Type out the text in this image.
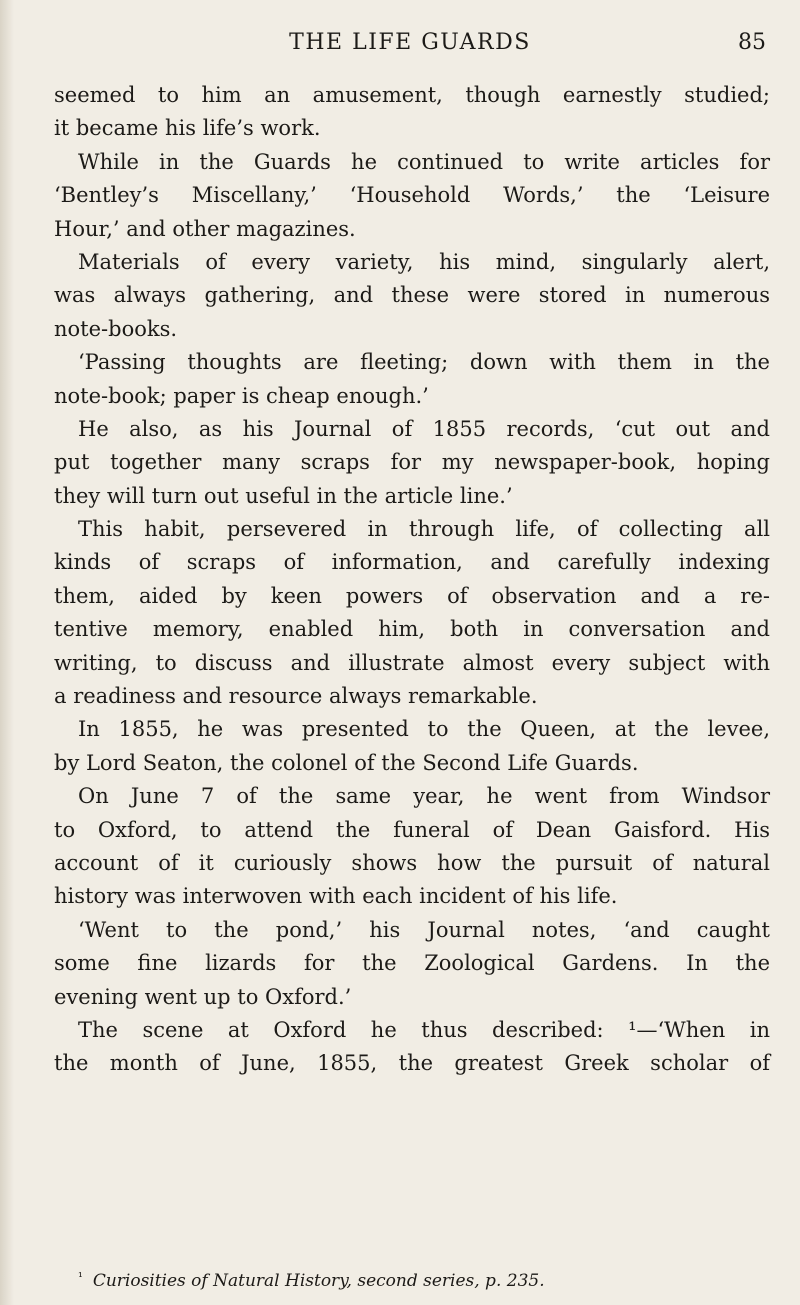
THE LIFE GUARDS	85
seemed to him an amusement, though earnestly studied;
it became his life’s work.
While in the Guards he continued to write articles for
‘Bentley’s Miscellany,’ ‘Household Words,’ the ‘Leisure
Hour,’ and other magazines.
Materials of every variety, his mind, singularly alert,
was always gathering, and these were stored in numerous
note-books.
‘Passing thoughts are fleeting; down with them in the
note-book; paper is cheap enough.’
He also, as his Journal of 1855 records, ‘cut out and
put together many scraps for my newspaper-book, hoping
they will turn out useful in the article line.’
This habit, persevered in through life, of collecting all
kinds of scraps of information, and carefully indexing
them, aided by keen powers of observation and a re-
tentive memory, enabled him, both in conversation and
writing, to discuss and illustrate almost every subject with
a readiness and resource always remarkable.
In 1855, he was presented to the Queen, at the levee,
by Lord Seaton, the colonel of the Second Life Guards.
On June 7 of the same year, he went from Windsor
to Oxford, to attend the funeral of Dean Gaisford. His
account of it curiously shows how the pursuit of natural
history was interwoven with each incident of his life.
‘Went to the pond,’ his Journal notes, ‘and caught
some fine lizards for the Zoological Gardens. In the
evening went up to Oxford.’
The scene at Oxford he thus described: ¹—‘When in
the month of June, 1855, the greatest Greek scholar of
$^{^1}$ Curiosities of Natural History, second series, p. 235.
